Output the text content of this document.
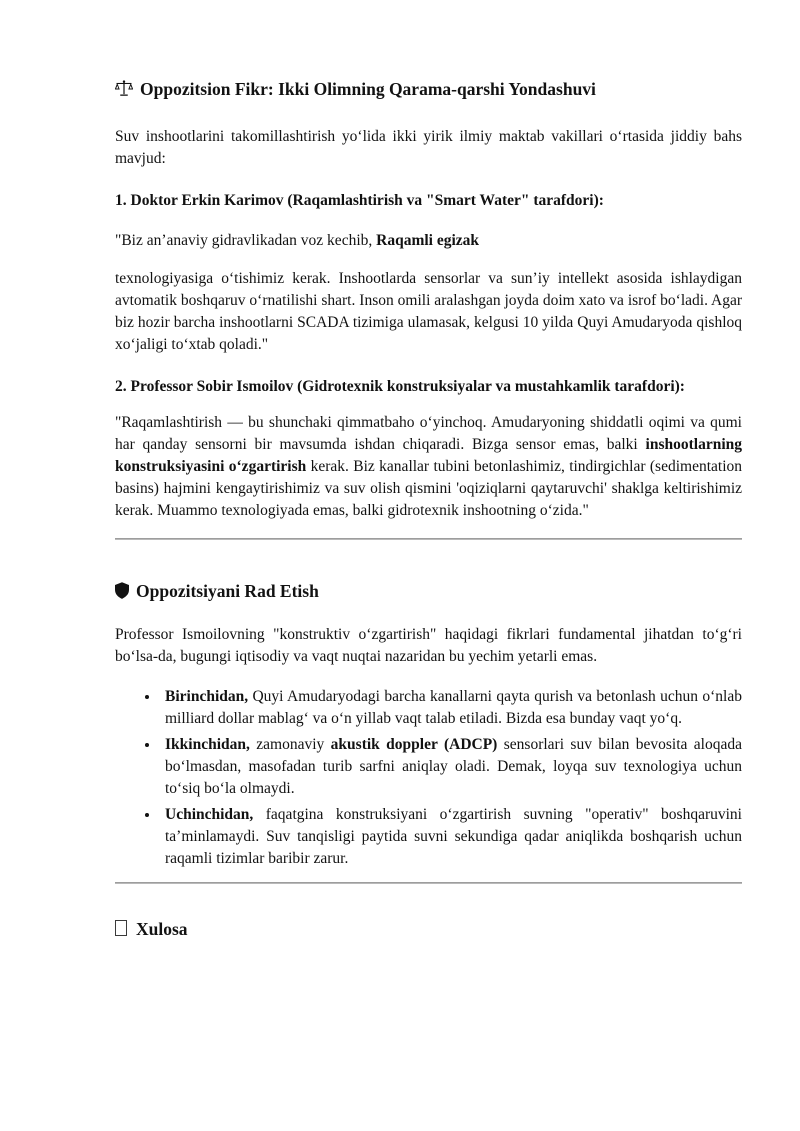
Oppozitsion Fikr: Ikki Olimning Qarama-qarshi Yondashuvi

Suv inshootlarini takomillashtirish yoʻlida ikki yirik ilmiy maktab vakillari oʻrtasida jiddiy bahs mavjud:

1. Doktor Erkin Karimov (Raqamlashtirish va "Smart Water" tarafdori):

"Biz an’anaviy gidravlikadan voz kechib, Raqamli egizak

texnologiyasiga oʻtishimiz kerak. Inshootlarda sensorlar va sun’iy intellekt asosida ishlaydigan avtomatik boshqaruv oʻrnatilishi shart. Inson omili aralashgan joyda doim xato va isrof boʻladi. Agar biz hozir barcha inshootlarni SCADA tizimiga ulamasak, kelgusi 10 yilda Quyi Amudaryoda qishloq xoʻjaligi toʻxtab qoladi."

2. Professor Sobir Ismoilov (Gidrotexnik konstruksiyalar va mustahkamlik tarafdori):

"Raqamlashtirish — bu shunchaki qimmatbaho oʻyinchoq. Amudaryoning shiddatli oqimi va qumi har qanday sensorni bir mavsumda ishdan chiqaradi. Bizga sensor emas, balki inshootlarning konstruksiyasini oʻzgartirish kerak. Biz kanallar tubini betonlashimiz, tindirgichlar (sedimentation basins) hajmini kengaytirishimiz va suv olish qismini 'oqiziqlarni qaytaruvchi' shaklga keltirishimiz kerak. Muammo texnologiyada emas, balki gidrotexnik inshootning oʻzida."

Oppozitsiyani Rad Etish

Professor Ismoilovning "konstruktiv oʻzgartirish" haqidagi fikrlari fundamental jihatdan toʻgʻri boʻlsa-da, bugungi iqtisodiy va vaqt nuqtai nazaridan bu yechim yetarli emas.

Birinchidan, Quyi Amudaryodagi barcha kanallarni qayta qurish va betonlash uchun oʻnlab milliard dollar mablagʻ va oʻn yillab vaqt talab etiladi. Bizda esa bunday vaqt yoʻq.
Ikkinchidan, zamonaviy akustik doppler (ADCP) sensorlari suv bilan bevosita aloqada boʻlmasdan, masofadan turib sarfni aniqlay oladi. Demak, loyqa suv texnologiya uchun toʻsiq boʻla olmaydi.
Uchinchidan, faqatgina konstruksiyani oʻzgartirish suvning "operativ" boshqaruvini ta’minlamaydi. Suv tanqisligi paytida suvni sekundiga qadar aniqlikda boshqarish uchun raqamli tizimlar baribir zarur.
Xulosa
